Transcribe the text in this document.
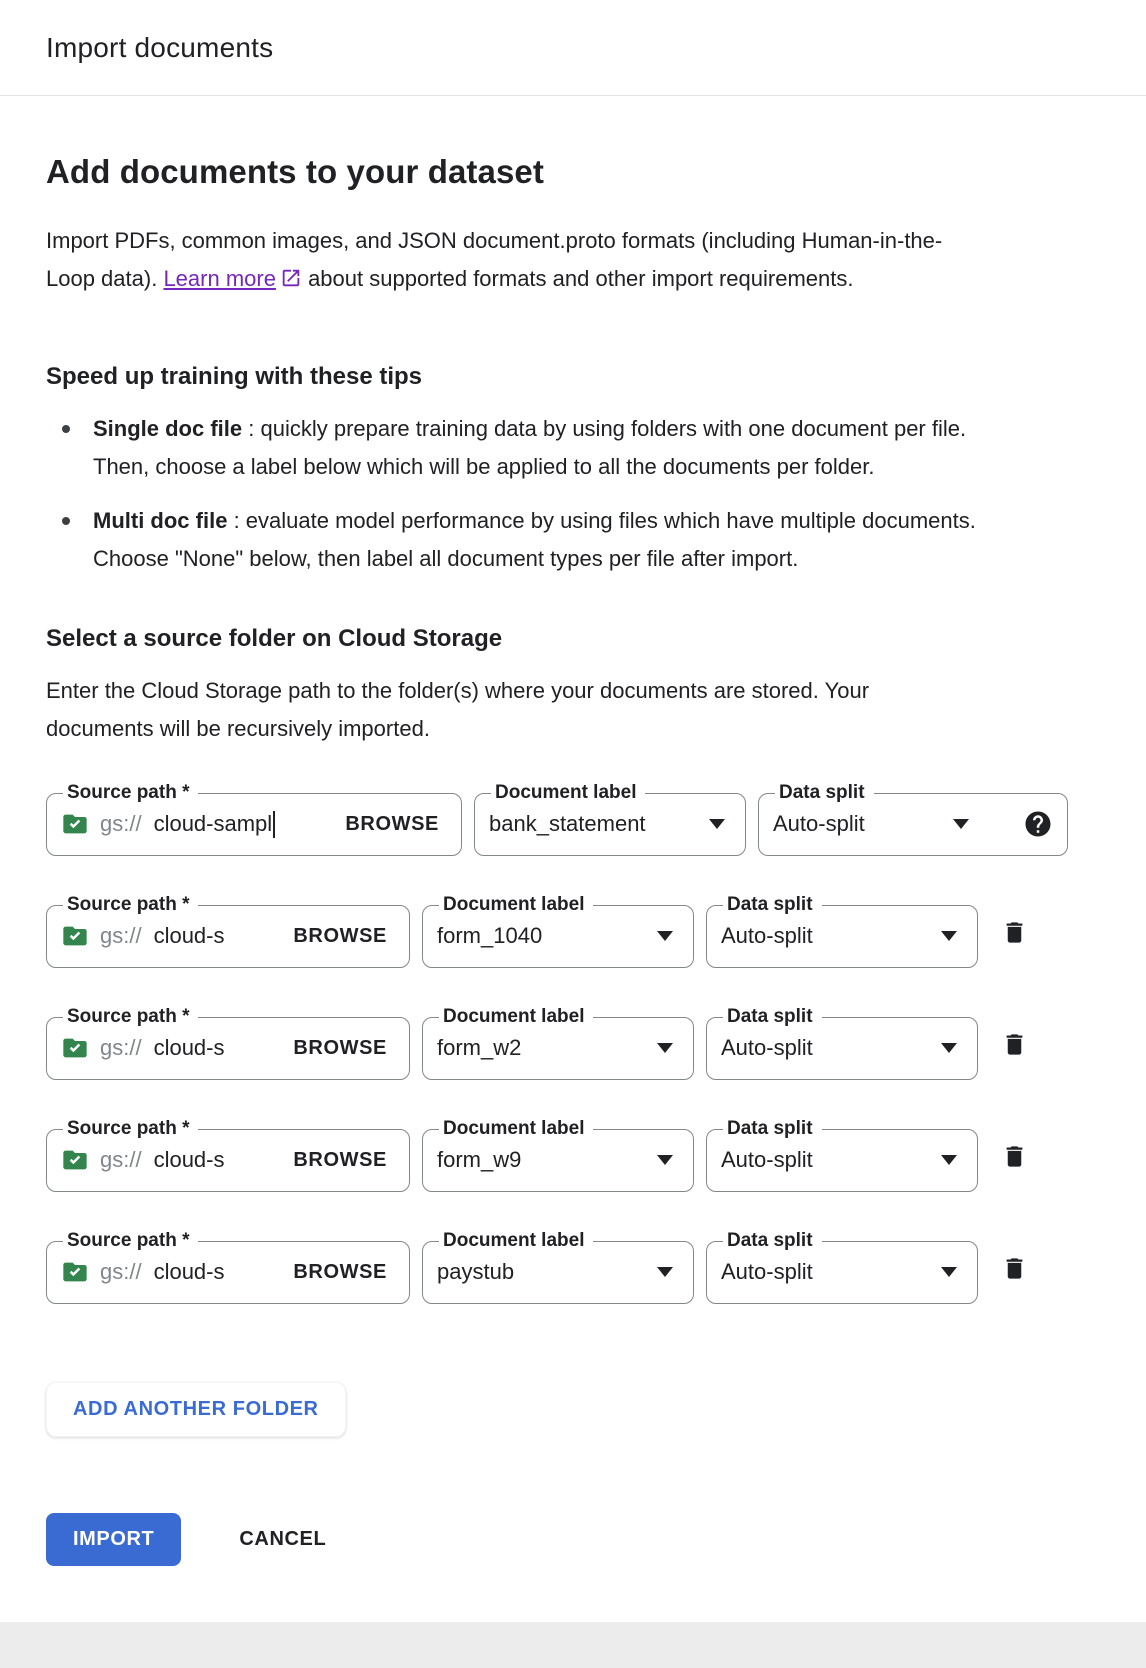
Import documents
Add documents to your dataset

Import PDFs, common images, and JSON document.proto formats (including Human-in-the-Loop data). Learn more about supported formats and other import requirements.

Speed up training with these tips
Single doc file : quickly prepare training data by using folders with one document per file. Then, choose a label below which will be applied to all the documents per folder.
Multi doc file : evaluate model performance by using files which have multiple documents. Choose "None" below, then label all document types per file after import.
Select a source folder on Cloud Storage

Enter the Cloud Storage path to the folder(s) where your documents are stored. Your documents will be recursively imported.

Source path *
gs:// cloud-sampl	BROWSE
Document label
bank_statement
Data split
Auto-split
Source path *
gs:// cloud-s	BROWSE
Document label
form_1040
Data split
Auto-split
Source path *
gs:// cloud-s	BROWSE
Document label
form_w2
Data split
Auto-split
Source path *
gs:// cloud-s	BROWSE
Document label
form_w9
Data split
Auto-split
Source path *
gs:// cloud-s	BROWSE
Document label
paystub
Data split
Auto-split
ADD ANOTHER FOLDER
IMPORT	CANCEL
